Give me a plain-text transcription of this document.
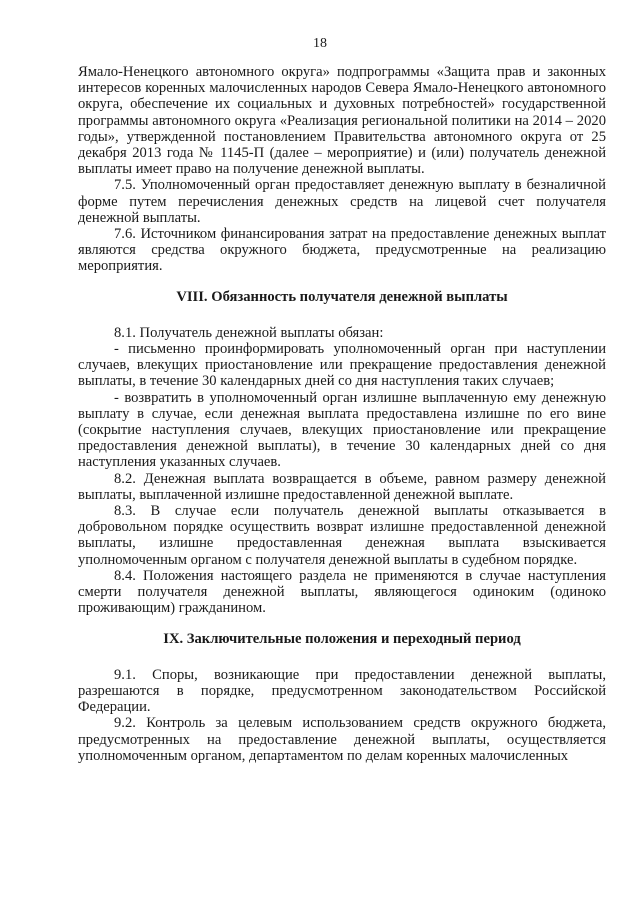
18

Ямало-Ненецкого автономного округа» подпрограммы «Защита прав и законных интересов коренных малочисленных народов Севера Ямало-Ненецкого автономного округа, обеспечение их социальных и духовных потребностей» государственной программы автономного округа «Реализация региональной политики на 2014 – 2020 годы», утвержденной постановлением Правительства автономного округа от 25 декабря 2013 года № 1145-П (далее – мероприятие) и (или) получатель денежной выплаты имеет право на получение денежной выплаты.

7.5. Уполномоченный орган предоставляет денежную выплату в безналичной форме путем перечисления денежных средств на лицевой счет получателя денежной выплаты.

7.6. Источником финансирования затрат на предоставление денежных выплат являются средства окружного бюджета, предусмотренные на реализацию мероприятия.

VIII. Обязанность получателя денежной выплаты

8.1. Получатель денежной выплаты обязан:

- письменно проинформировать уполномоченный орган при наступлении случаев, влекущих приостановление или прекращение предоставления денежной выплаты, в течение 30 календарных дней со дня наступления таких случаев;

- возвратить в уполномоченный орган излишне выплаченную ему денежную выплату в случае, если денежная выплата предоставлена излишне по его вине (сокрытие наступления случаев, влекущих приостановление или прекращение предоставления денежной выплаты), в течение 30 календарных дней со дня наступления указанных случаев.

8.2. Денежная выплата возвращается в объеме, равном размеру денежной выплаты, выплаченной излишне предоставленной денежной выплате.

8.3. В случае если получатель денежной выплаты отказывается в добровольном порядке осуществить возврат излишне предоставленной денежной выплаты, излишне предоставленная денежная выплата взыскивается уполномоченным органом с получателя денежной выплаты в судебном порядке.

8.4. Положения настоящего раздела не применяются в случае наступления смерти получателя денежной выплаты, являющегося одиноким (одиноко проживающим) гражданином.

IX. Заключительные положения и переходный период

9.1. Споры, возникающие при предоставлении денежной выплаты, разрешаются в порядке, предусмотренном законодательством Российской Федерации.

9.2. Контроль за целевым использованием средств окружного бюджета, предусмотренных на предоставление денежной выплаты, осуществляется уполномоченным органом, департаментом по делам коренных малочисленных
